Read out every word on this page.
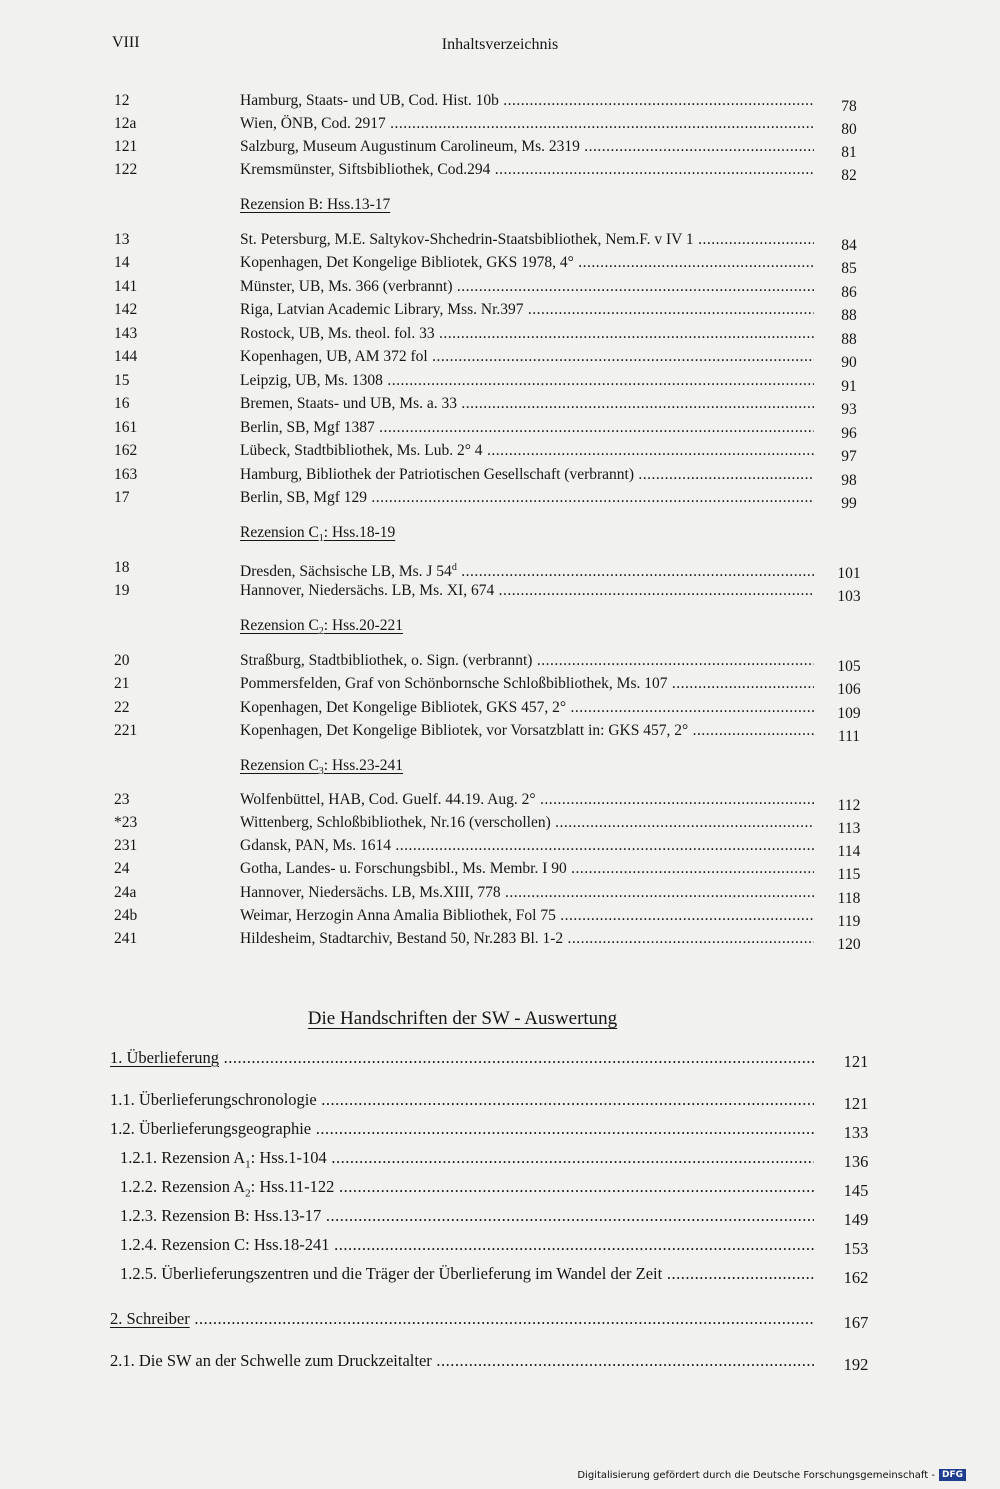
VIII	Inhaltsverzeichnis
12	Hamburg, Staats- und UB, Cod. Hist. 10b .....	78
12a	Wien, ÖNB, Cod. 2917 .....	80
121	Salzburg, Museum Augustinum Carolineum, Ms. 2319 .....	81
122	Kremsmünster, Siftsbibliothek, Cod.294 .....	82
Rezension B: Hss.13-17
13	St. Petersburg, M.E. Saltykov-Shchedrin-Staatsbibliothek, Nem.F. v IV 1 .....	84
14	Kopenhagen, Det Kongelige Bibliotek, GKS 1978, 4° .....	85
141	Münster, UB, Ms. 366 (verbrannt) .....	86
142	Riga, Latvian Academic Library, Mss. Nr.397 .....	88
143	Rostock, UB, Ms. theol. fol. 33 .....	88
144	Kopenhagen, UB, AM 372 fol .....	90
15	Leipzig, UB, Ms. 1308 .....	91
16	Bremen, Staats- und UB, Ms. a. 33 .....	93
161	Berlin, SB, Mgf 1387 .....	96
162	Lübeck, Stadtbibliothek, Ms. Lub. 2° 4 .....	97
163	Hamburg, Bibliothek der Patriotischen Gesellschaft (verbrannt) .....	98
17	Berlin, SB, Mgf 129 .....	99
Rezension $C_1$: Hss.18-19
18	Dresden, Sächsische LB, Ms. J 54$^d$ .....	101
19	Hannover, Niedersächs. LB, Ms. XI, 674 .....	103
Rezension $C_2$: Hss.20-221
20	Straßburg, Stadtbibliothek, o. Sign. (verbrannt) .....	105
21	Pommersfelden, Graf von Schönbornsche Schloßbibliothek, Ms. 107 .....	106
22	Kopenhagen, Det Kongelige Bibliotek, GKS 457, 2° .....	109
221	Kopenhagen, Det Kongelige Bibliotek, vor Vorsatzblatt in: GKS 457, 2° .....	111
Rezension $C_3$: Hss.23-241
23	Wolfenbüttel, HAB, Cod. Guelf. 44.19. Aug. 2° .....	112
*23	Wittenberg, Schloßbibliothek, Nr.16 (verschollen) .....	113
231	Gdansk, PAN, Ms. 1614 .....	114
24	Gotha, Landes- u. Forschungsbibl., Ms. Membr. I 90 .....	115
24a	Hannover, Niedersächs. LB, Ms.XIII, 778 .....	118
24b	Weimar, Herzogin Anna Amalia Bibliothek, Fol 75 .....	119
241	Hildesheim, Stadtarchiv, Bestand 50, Nr.283 Bl. 1-2 .....	120
Die Handschriften der SW - Auswertung
1. Überlieferung .....	121
1.1. Überlieferungschronologie .....	121
1.2. Überlieferungsgeographie .....	133
1.2.1. Rezension $A_1$: Hss.1-104 .....	136
1.2.2. Rezension $A_2$: Hss.11-122 .....	145
1.2.3. Rezension B: Hss.13-17 .....	149
1.2.4. Rezension C: Hss.18-241 .....	153
1.2.5. Überlieferungszentren und die Träger der Überlieferung im Wandel der Zeit .....	162
2. Schreiber .....	167
2.1. Die SW an der Schwelle zum Druckzeitalter .....	192
Digitalisierung gefördert durch die Deutsche Forschungsgemeinschaft - DFG
